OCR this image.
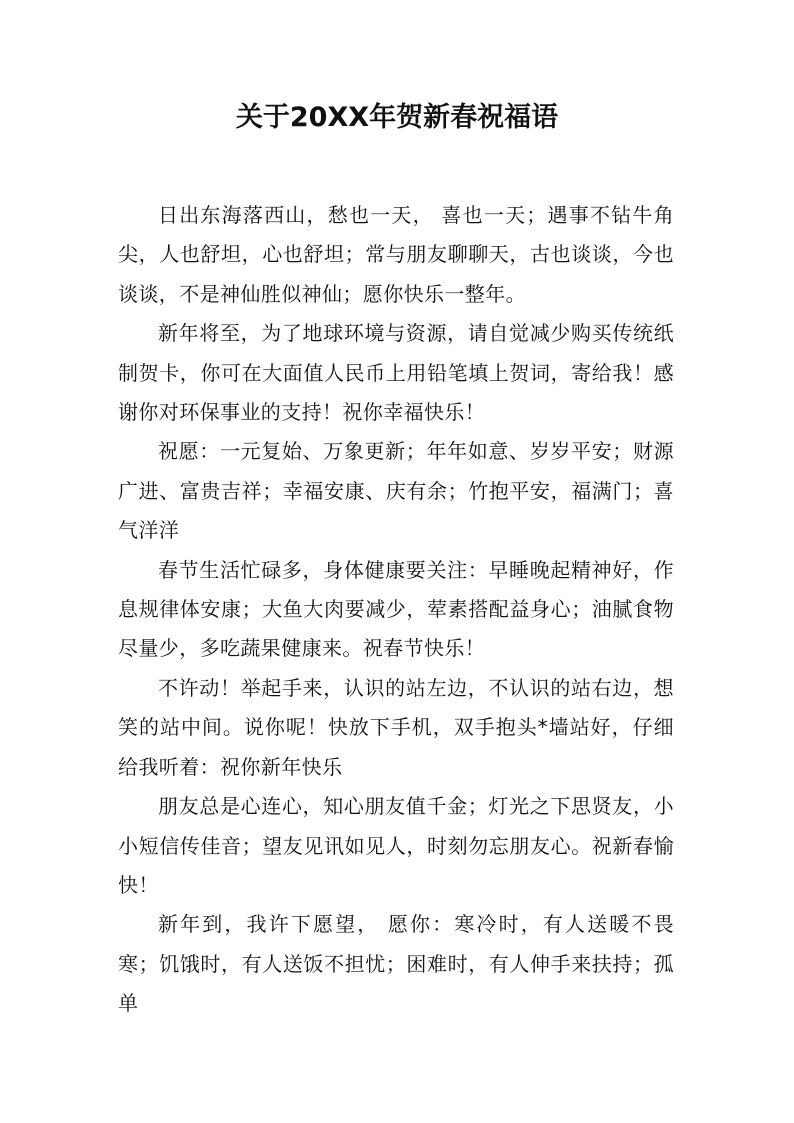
关于20XX年贺新春祝福语

日出东海落西山，愁也一天， 喜也一天；遇事不钻牛角尖，人也舒坦，心也舒坦；常与朋友聊聊天，古也谈谈，今也谈谈，不是神仙胜似神仙；愿你快乐一整年。

新年将至，为了地球环境与资源，请自觉减少购买传统纸制贺卡，你可在大面值人民币上用铅笔填上贺词，寄给我！感谢你对环保事业的支持！祝你幸福快乐！

祝愿：一元复始、万象更新；年年如意、岁岁平安；财源广进、富贵吉祥；幸福安康、庆有余；竹抱平安，福满门；喜气洋洋

春节生活忙碌多，身体健康要关注：早睡晚起精神好，作息规律体安康；大鱼大肉要减少，荤素搭配益身心；油腻食物尽量少，多吃蔬果健康来。祝春节快乐！

不许动！举起手来，认识的站左边，不认识的站右边，想笑的站中间。说你呢！快放下手机，双手抱头*墙站好，仔细给我听着：祝你新年快乐

朋友总是心连心，知心朋友值千金；灯光之下思贤友，小小短信传佳音；望友见讯如见人，时刻勿忘朋友心。祝新春愉快！

新年到，我许下愿望， 愿你：寒冷时，有人送暖不畏寒；饥饿时，有人送饭不担忧；困难时，有人伸手来扶持；孤单
